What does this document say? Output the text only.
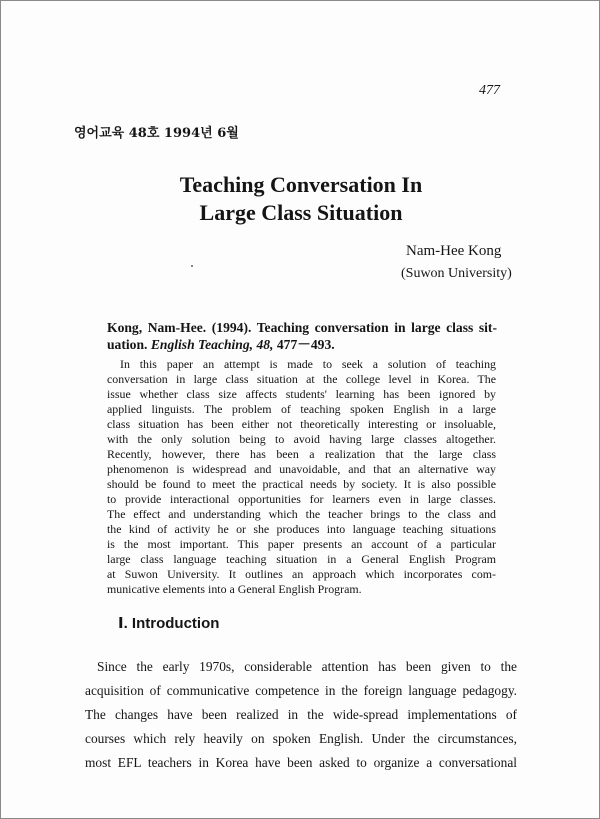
477
영어교육 48호 1994년 6월
Teaching Conversation In
Large Class Situation
Nam-Hee Kong
(Suwon University)
Kong, Nam-Hee. (1994). Teaching conversation in large class sit-
uation. English Teaching, 48, 477－493.
In this paper an attempt is made to seek a solution of teaching
conversation in large class situation at the college level in Korea. The
issue whether class size affects students' learning has been ignored by
applied linguists. The problem of teaching spoken English in a large
class situation has been either not theoretically interesting or insoluable,
with the only solution being to avoid having large classes altogether.
Recently, however, there has been a realization that the large class
phenomenon is widespread and unavoidable, and that an alternative way
should be found to meet the practical needs by society. It is also possible
to provide interactional opportunities for learners even in large classes.
The effect and understanding which the teacher brings to the class and
the kind of activity he or she produces into language teaching situations
is the most important. This paper presents an account of a particular
large class language teaching situation in a General English Program
at Suwon University. It outlines an approach which incorporates com-
municative elements into a General English Program.
Ⅰ. Introduction
Since the early 1970s, considerable attention has been given to the
acquisition of communicative competence in the foreign language pedagogy.
The changes have been realized in the wide-spread implementations of
courses which rely heavily on spoken English. Under the circumstances,
most EFL teachers in Korea have been asked to organize a conversational
